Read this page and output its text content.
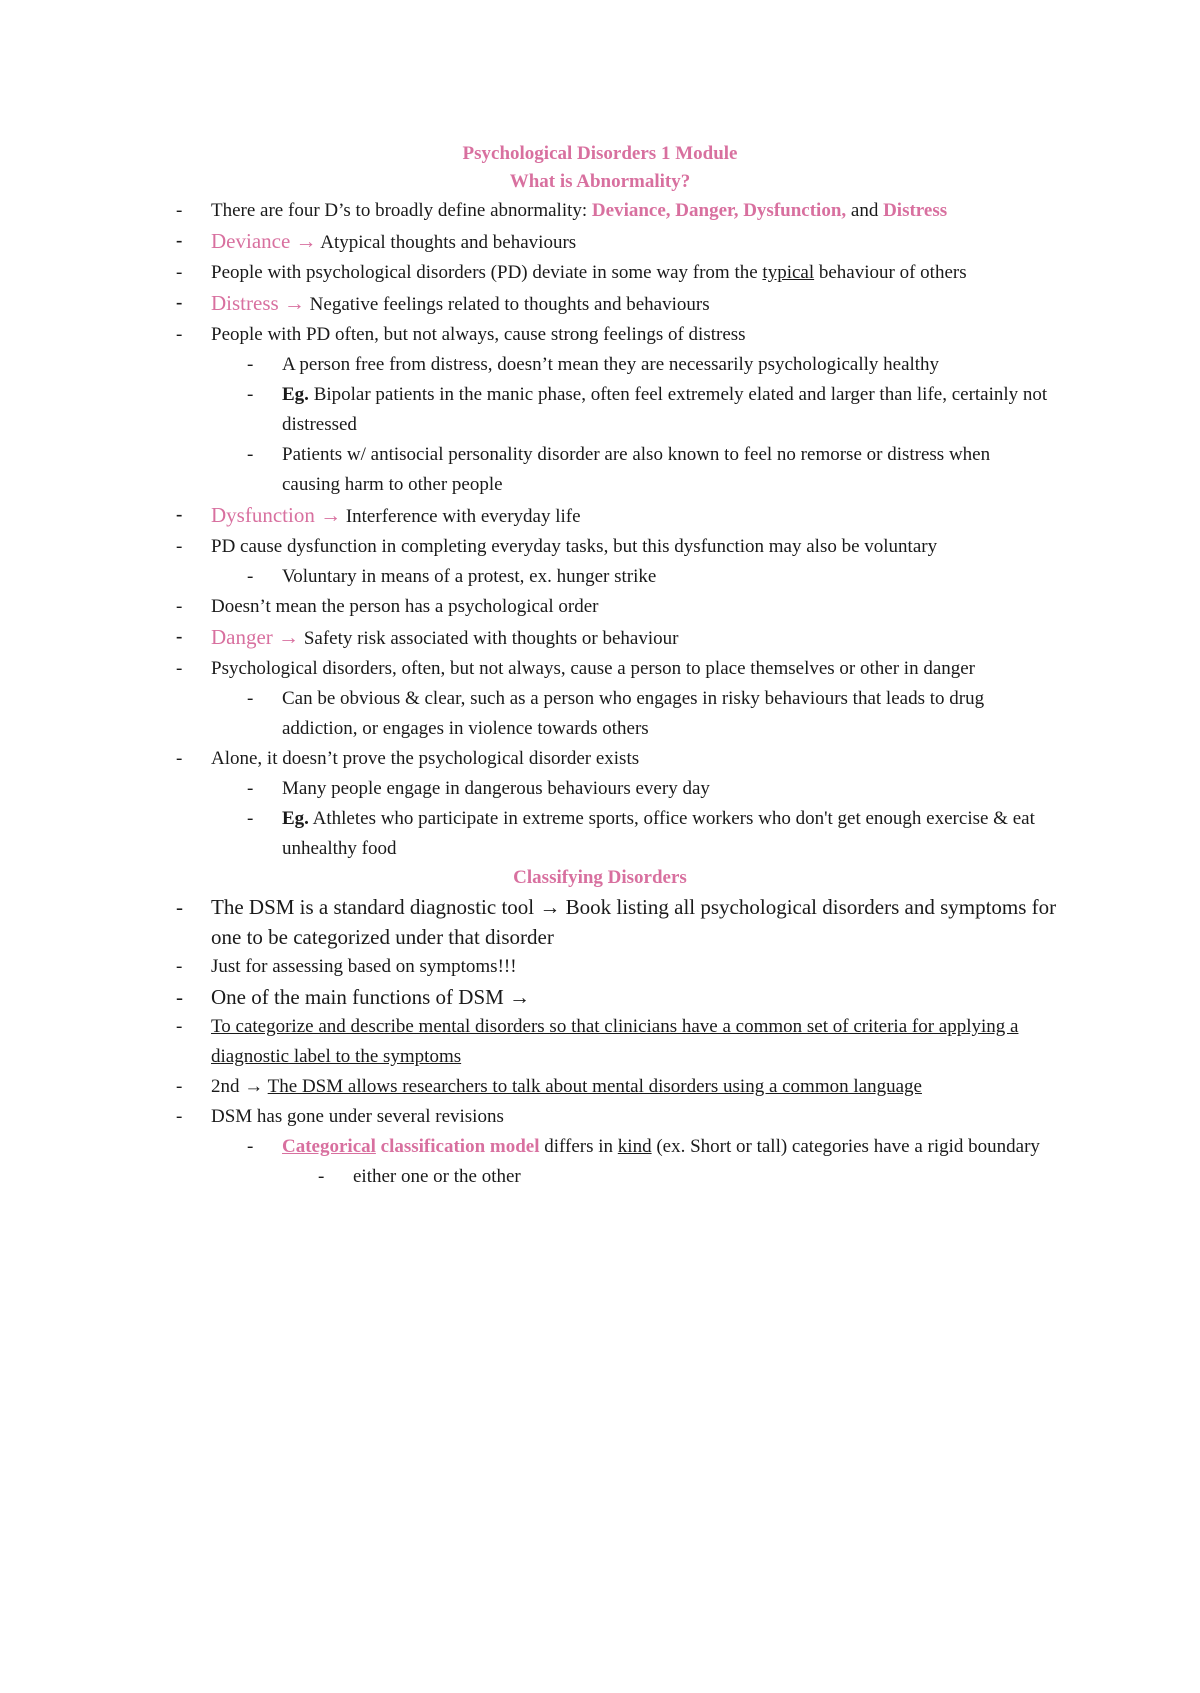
Psychological Disorders 1 Module

What is Abnormality?

- There are four D’s to broadly define abnormality: Deviance, Danger, Dysfunction, and Distress
- Deviance → Atypical thoughts and behaviours
- People with psychological disorders (PD) deviate in some way from the typical behaviour of others
- Distress → Negative feelings related to thoughts and behaviours
- People with PD often, but not always, cause strong feelings of distress
- A person free from distress, doesn’t mean they are necessarily psychologically healthy
- Eg. Bipolar patients in the manic phase, often feel extremely elated and larger than life, certainly not distressed
- Patients w/ antisocial personality disorder are also known to feel no remorse or distress when causing harm to other people
- Dysfunction → Interference with everyday life
- PD cause dysfunction in completing everyday tasks, but this dysfunction may also be voluntary
- Voluntary in means of a protest, ex. hunger strike
- Doesn’t mean the person has a psychological order
- Danger → Safety risk associated with thoughts or behaviour
- Psychological disorders, often, but not always, cause a person to place themselves or other in danger
- Can be obvious & clear, such as a person who engages in risky behaviours that leads to drug addiction, or engages in violence towards others
- Alone, it doesn’t prove the psychological disorder exists
- Many people engage in dangerous behaviours every day
- Eg. Athletes who participate in extreme sports, office workers who don't get enough exercise & eat unhealthy food

Classifying Disorders

- The DSM is a standard diagnostic tool → Book listing all psychological disorders and symptoms for one to be categorized under that disorder
- Just for assessing based on symptoms!!!
- One of the main functions of DSM →
- To categorize and describe mental disorders so that clinicians have a common set of criteria for applying a diagnostic label to the symptoms
- 2nd → The DSM allows researchers to talk about mental disorders using a common language
- DSM has gone under several revisions
- Categorical classification model differs in kind (ex. Short or tall) categories have a rigid boundary
- either one or the other
